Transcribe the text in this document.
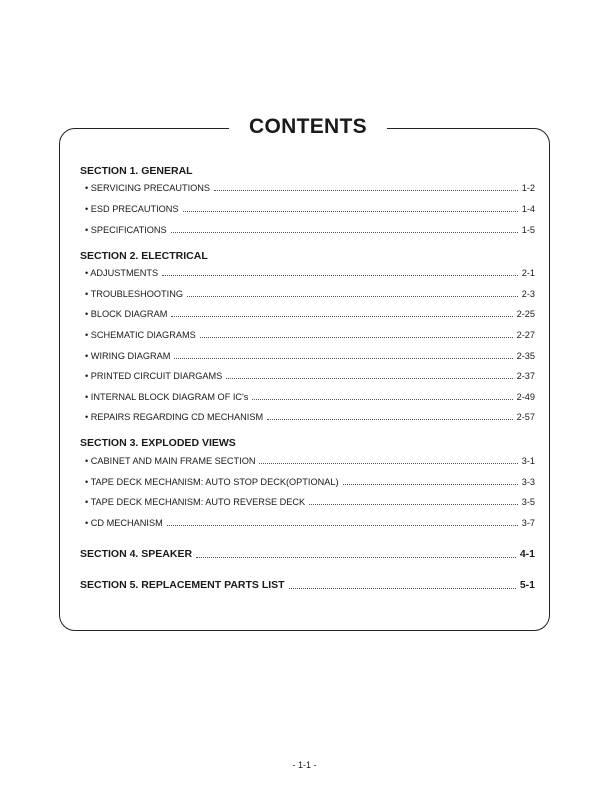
CONTENTS
SECTION 1. GENERAL
• SERVICING PRECAUTIONS	1-2
• ESD PRECAUTIONS	1-4
• SPECIFICATIONS	1-5
SECTION 2. ELECTRICAL
• ADJUSTMENTS	2-1
• TROUBLESHOOTING	2-3
• BLOCK DIAGRAM	2-25
• SCHEMATIC DIAGRAMS	2-27
• WIRING DIAGRAM	2-35
• PRINTED CIRCUIT DIARGAMS	2-37
• INTERNAL BLOCK DIAGRAM OF IC's	2-49
• REPAIRS REGARDING CD MECHANISM	2-57
SECTION 3. EXPLODED VIEWS
• CABINET AND MAIN FRAME SECTION	3-1
• TAPE DECK MECHANISM: AUTO STOP DECK(OPTIONAL)	3-3
• TAPE DECK MECHANISM: AUTO REVERSE DECK	3-5
• CD MECHANISM	3-7
SECTION 4. SPEAKER	4-1
SECTION 5. REPLACEMENT PARTS LIST	5-1
- 1-1 -
